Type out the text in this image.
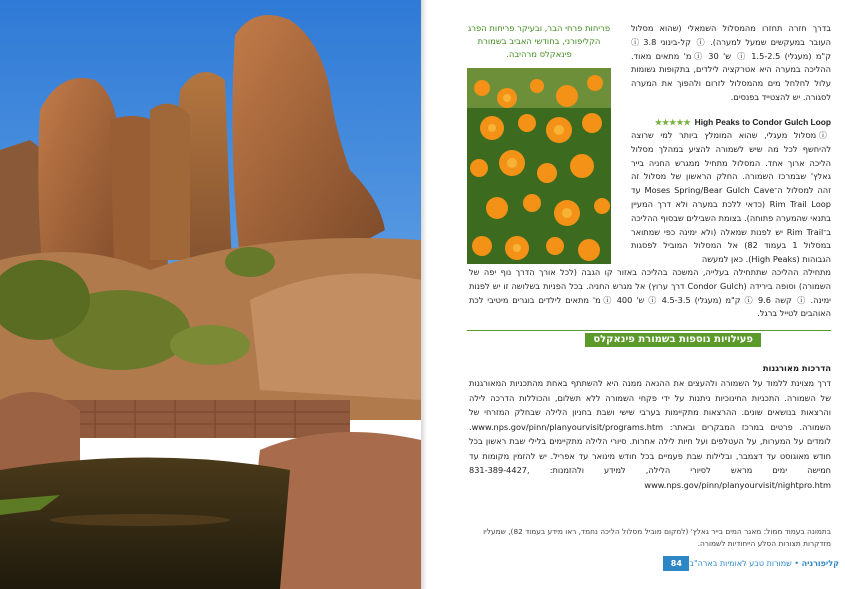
בדרך חזרה תחזרו מהמסלול השמאלי (שהוא מסלול העובר במעקשים שמעל למערה). ⓘ קל-בינוני ⓘ 3.8 ק"מ (מעגלי) ⓘ 1.5-2.5 ש' ⓘ 30 מ' מתאים מאוד. ההליכה במערה היא אטרקציה לילדים, בתקופות גשומות עלול לחלחל מים מהמסלול לזרום ולהפוך את המערה לסגורה. יש להצטייד בפנסים.

פריחות פרחי הבר, ובעיקר פריחות הפרג הקליפורני, בחודשי האביב בשמורת פינאקלס מרהיבה.

High Peaks to Condor Gulch Loop
★★★★★

ⓘ מסלול מעגלי, שהוא המומלץ ביותר למי שרוצה להיחשף לכל מה שיש לשמורה להציע במהלך מסלול הליכה ארוך אחד. המסלול מתחיל ממגרש החניה בייר גאלץ' שבמרכז השמורה. החלק הראשון של מסלול זה זהה למסלול ה־Moses Spring/Bear Gulch Cave עד Rim Trail Loop (כדאי ללכת במערה ולא דרך המעיין בתנאי שהמערה פתוחה). בצומת השבילים שבסוף ההליכה ב־Rim Trail יש לפנות שמאלה (ולא ימינה כפי שמתואר במסלול 1 בעמוד 82) אל המסלול המוביל לפסגות הגבוהות (High Peaks). כאן למעשה

מתחילה ההליכה שתתחילה בעלייה, המשכה בהליכה באזור קו הגבה (לכל אורך הדרך נוף יפה של השמורה) וסופה בירידה (Condor Gulch דרך ערוץ) אל מגרש החניה. בכל הפניות בשלושה זו יש לפנות ימינה. ⓘ קשה ⓘ 9.6 ק"מ (מעגלי) ⓘ 4.5-3.5 ש' ⓘ 400 מ' מתאים לילדים בוגרים מיטיבי לכת האוהבים לטייל ברגל.

פעילויות נוספות בשמורת פינאקלס

הדרכות מאורגנות

דרך מצוינת ללמוד על השמורה ולהעצים את ההנאה ממנה היא להשתתף באחת מהתכניות המאורגנות של השמורה. התכניות החינוכיות ניתנות על ידי פקחי השמורה ללא תשלום, והכוללות הדרכה לילה והרצאות בנושאים שונים. ההרצאות מתקיימות בערבי שישי ושבת בחניון הלילה שבחלק המזרחי של השמורה. פרטים במרכז המבקרים ובאתר: www.nps.gov/pinn/planyourvisit/programs.htm. לומדים על המערות, על העטלפים ועל חיות לילה אחרות. סיורי הלילה מתקיימים בלילי שבת ראשון בכל חודש מאוגוסט עד דצמבר, ובלילות שבת פעמיים בכל חודש מינואר עד אפריל. יש להזמין מקומות עד חמישה ימים מראש לסיורי הלילה, למידע ולהזמנות: 831-389-4427, www.nps.gov/pinn/planyourvisit/nightpro.htm

בתמונה בעמוד ממול: מאגר המים בייר גאלץ' (למקום מוביל מסלול הליכה נחמד, ראו מידע בעמוד 82), שמעליו מזדקרות תצורות הסלע הייחודיות לשמורה.

קליפורניה • שמורות טבע לאומיות בארה"ב
84
